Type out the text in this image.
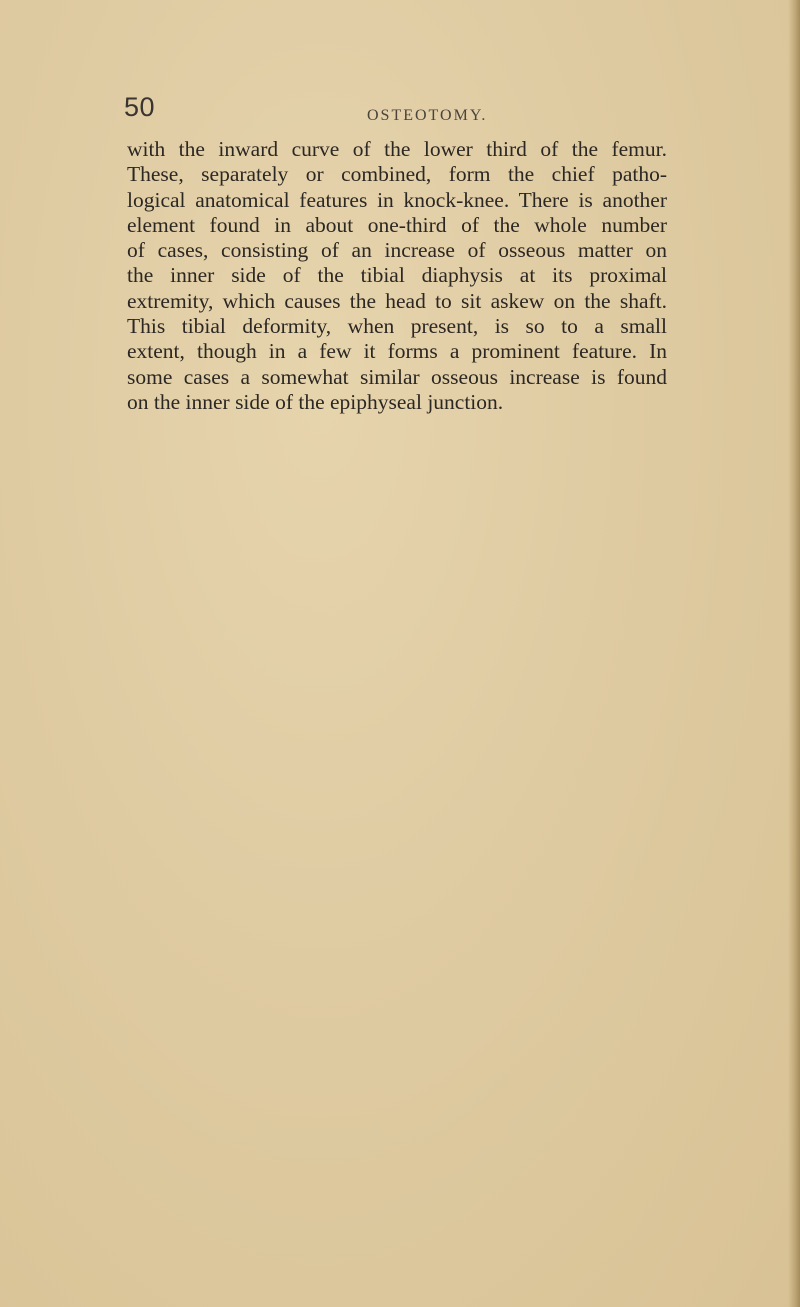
50	OSTEOTOMY.

with the inward curve of the lower third of the femur.
These, separately or combined, form the chief patho-
logical anatomical features in knock-knee. There is another
element found in about one-third of the whole number
of cases, consisting of an increase of osseous matter on
the inner side of the tibial diaphysis at its proximal
extremity, which causes the head to sit askew on the shaft.
This tibial deformity, when present, is so to a small
extent, though in a few it forms a prominent feature. In
some cases a somewhat similar osseous increase is found
on the inner side of the epiphyseal junction.
